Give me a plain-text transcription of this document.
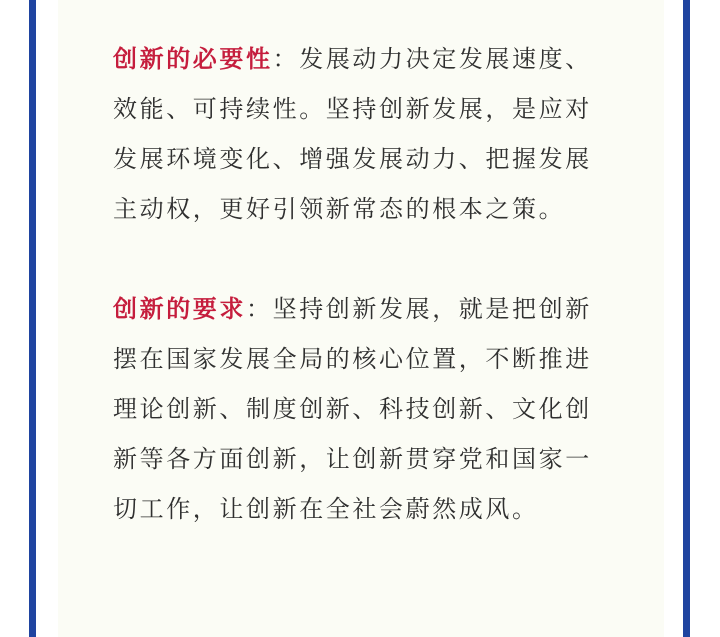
创新的必要性：发展动力决定发展速度、效能、可持续性。坚持创新发展，是应对发展环境变化、增强发展动力、把握发展主动权，更好引领新常态的根本之策。

创新的要求：坚持创新发展，就是把创新摆在国家发展全局的核心位置，不断推进理论创新、制度创新、科技创新、文化创新等各方面创新，让创新贯穿党和国家一切工作，让创新在全社会蔚然成风。
